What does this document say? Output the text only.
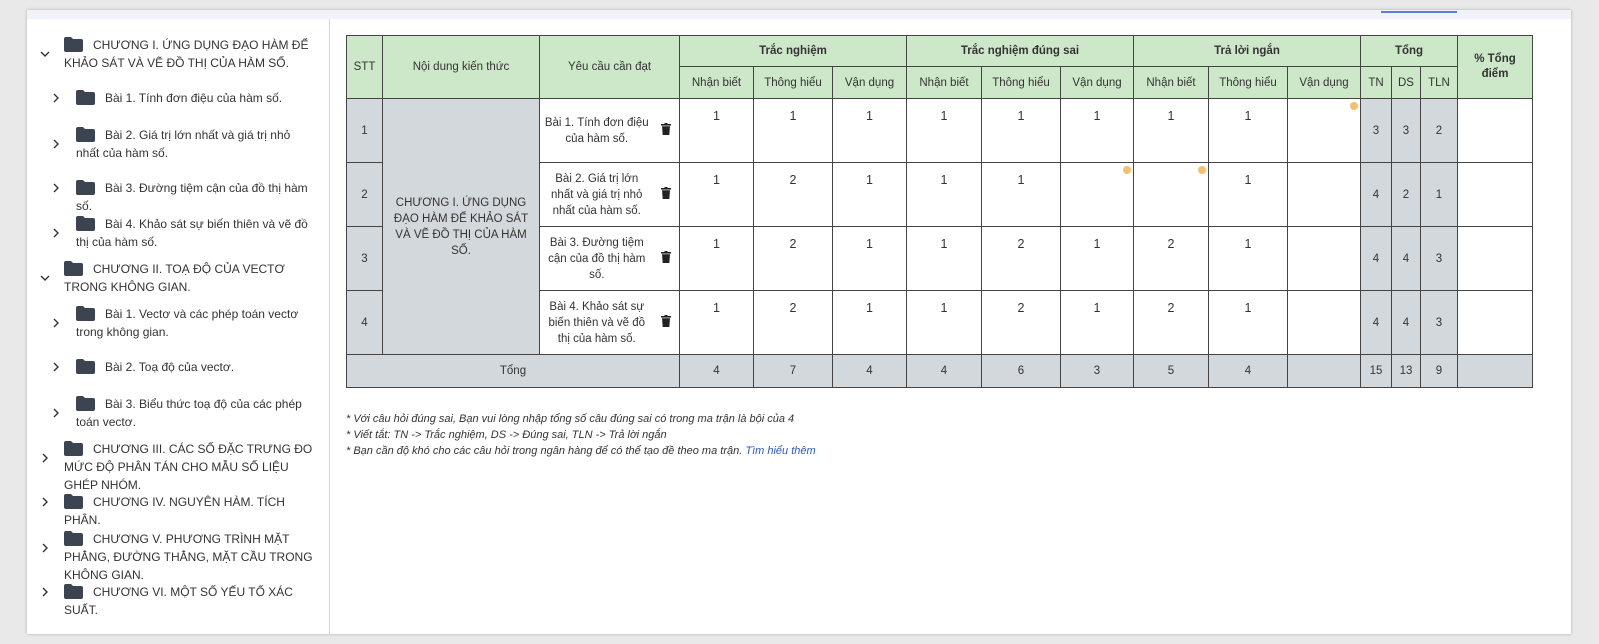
CHƯƠNG I. ỨNG DỤNG ĐẠO HÀM ĐỂ KHẢO SÁT VÀ VẼ ĐỒ THỊ CỦA HÀM SỐ.
Bài 1. Tính đơn điệu của hàm số.
Bài 2. Giá trị lớn nhất và giá trị nhỏ nhất của hàm số.
Bài 3. Đường tiệm cận của đồ thị hàm số.
Bài 4. Khảo sát sự biến thiên và vẽ đồ thị của hàm số.
CHƯƠNG II. TOẠ ĐỘ CỦA VECTƠ TRONG KHÔNG GIAN.
Bài 1. Vectơ và các phép toán vectơ trong không gian.
Bài 2. Toạ độ của vectơ.
Bài 3. Biểu thức toạ độ của các phép toán vectơ.
CHƯƠNG III. CÁC SỐ ĐẶC TRƯNG ĐO MỨC ĐỘ PHÂN TÁN CHO MẪU SỐ LIỆU GHÉP NHÓM.
CHƯƠNG IV. NGUYÊN HÀM. TÍCH PHÂN.
CHƯƠNG V. PHƯƠNG TRÌNH MẶT PHẲNG, ĐƯỜNG THẲNG, MẶT CẦU TRONG KHÔNG GIAN.
CHƯƠNG VI. MỘT SỐ YẾU TỐ XÁC SUẤT.
STT	Nội dung kiến thức	Yêu cầu cần đạt		Trắc nghiệm			Trắc nghiệm đúng sai			Trả lời ngắn			Tổng			% Tổng điểm
				Nhận biết	Thông hiểu	Vận dụng	Nhận biết	Thông hiểu	Vận dụng	Nhận biết	Thông hiểu	Vận dụng	TN	DS	TLN	
1	CHƯƠNG I. ỨNG DỤNG ĐẠO HÀM ĐỂ KHẢO SÁT VÀ VẼ ĐỒ THỊ CỦA HÀM SỐ.	Bài 1. Tính đơn điệu của hàm số.		1	1	1	1	1	1	1	1		3	3	2	
2		Bài 2. Giá trị lớn nhất và giá trị nhỏ nhất của hàm số.		1	2	1	1	1			1		4	2	1	
3		Bài 3. Đường tiệm cận của đồ thị hàm số.		1	2	1	1	2	1	2	1		4	4	3	
4		Bài 4. Khảo sát sự biến thiên và vẽ đồ thị của hàm số.		1	2	1	1	2	1	2	1		4	4	3	
Tổng				4	7	4	4	6	3	5	4		15	13	9	
* Với câu hỏi đúng sai, Bạn vui lòng nhập tổng số câu đúng sai có trong ma trận là bội của 4
* Viết tắt: TN -> Trắc nghiệm, DS -> Đúng sai, TLN -> Trả lời ngắn
* Bạn cần độ khó cho các câu hỏi trong ngân hàng để có thể tạo đề theo ma trận. Tìm hiểu thêm
